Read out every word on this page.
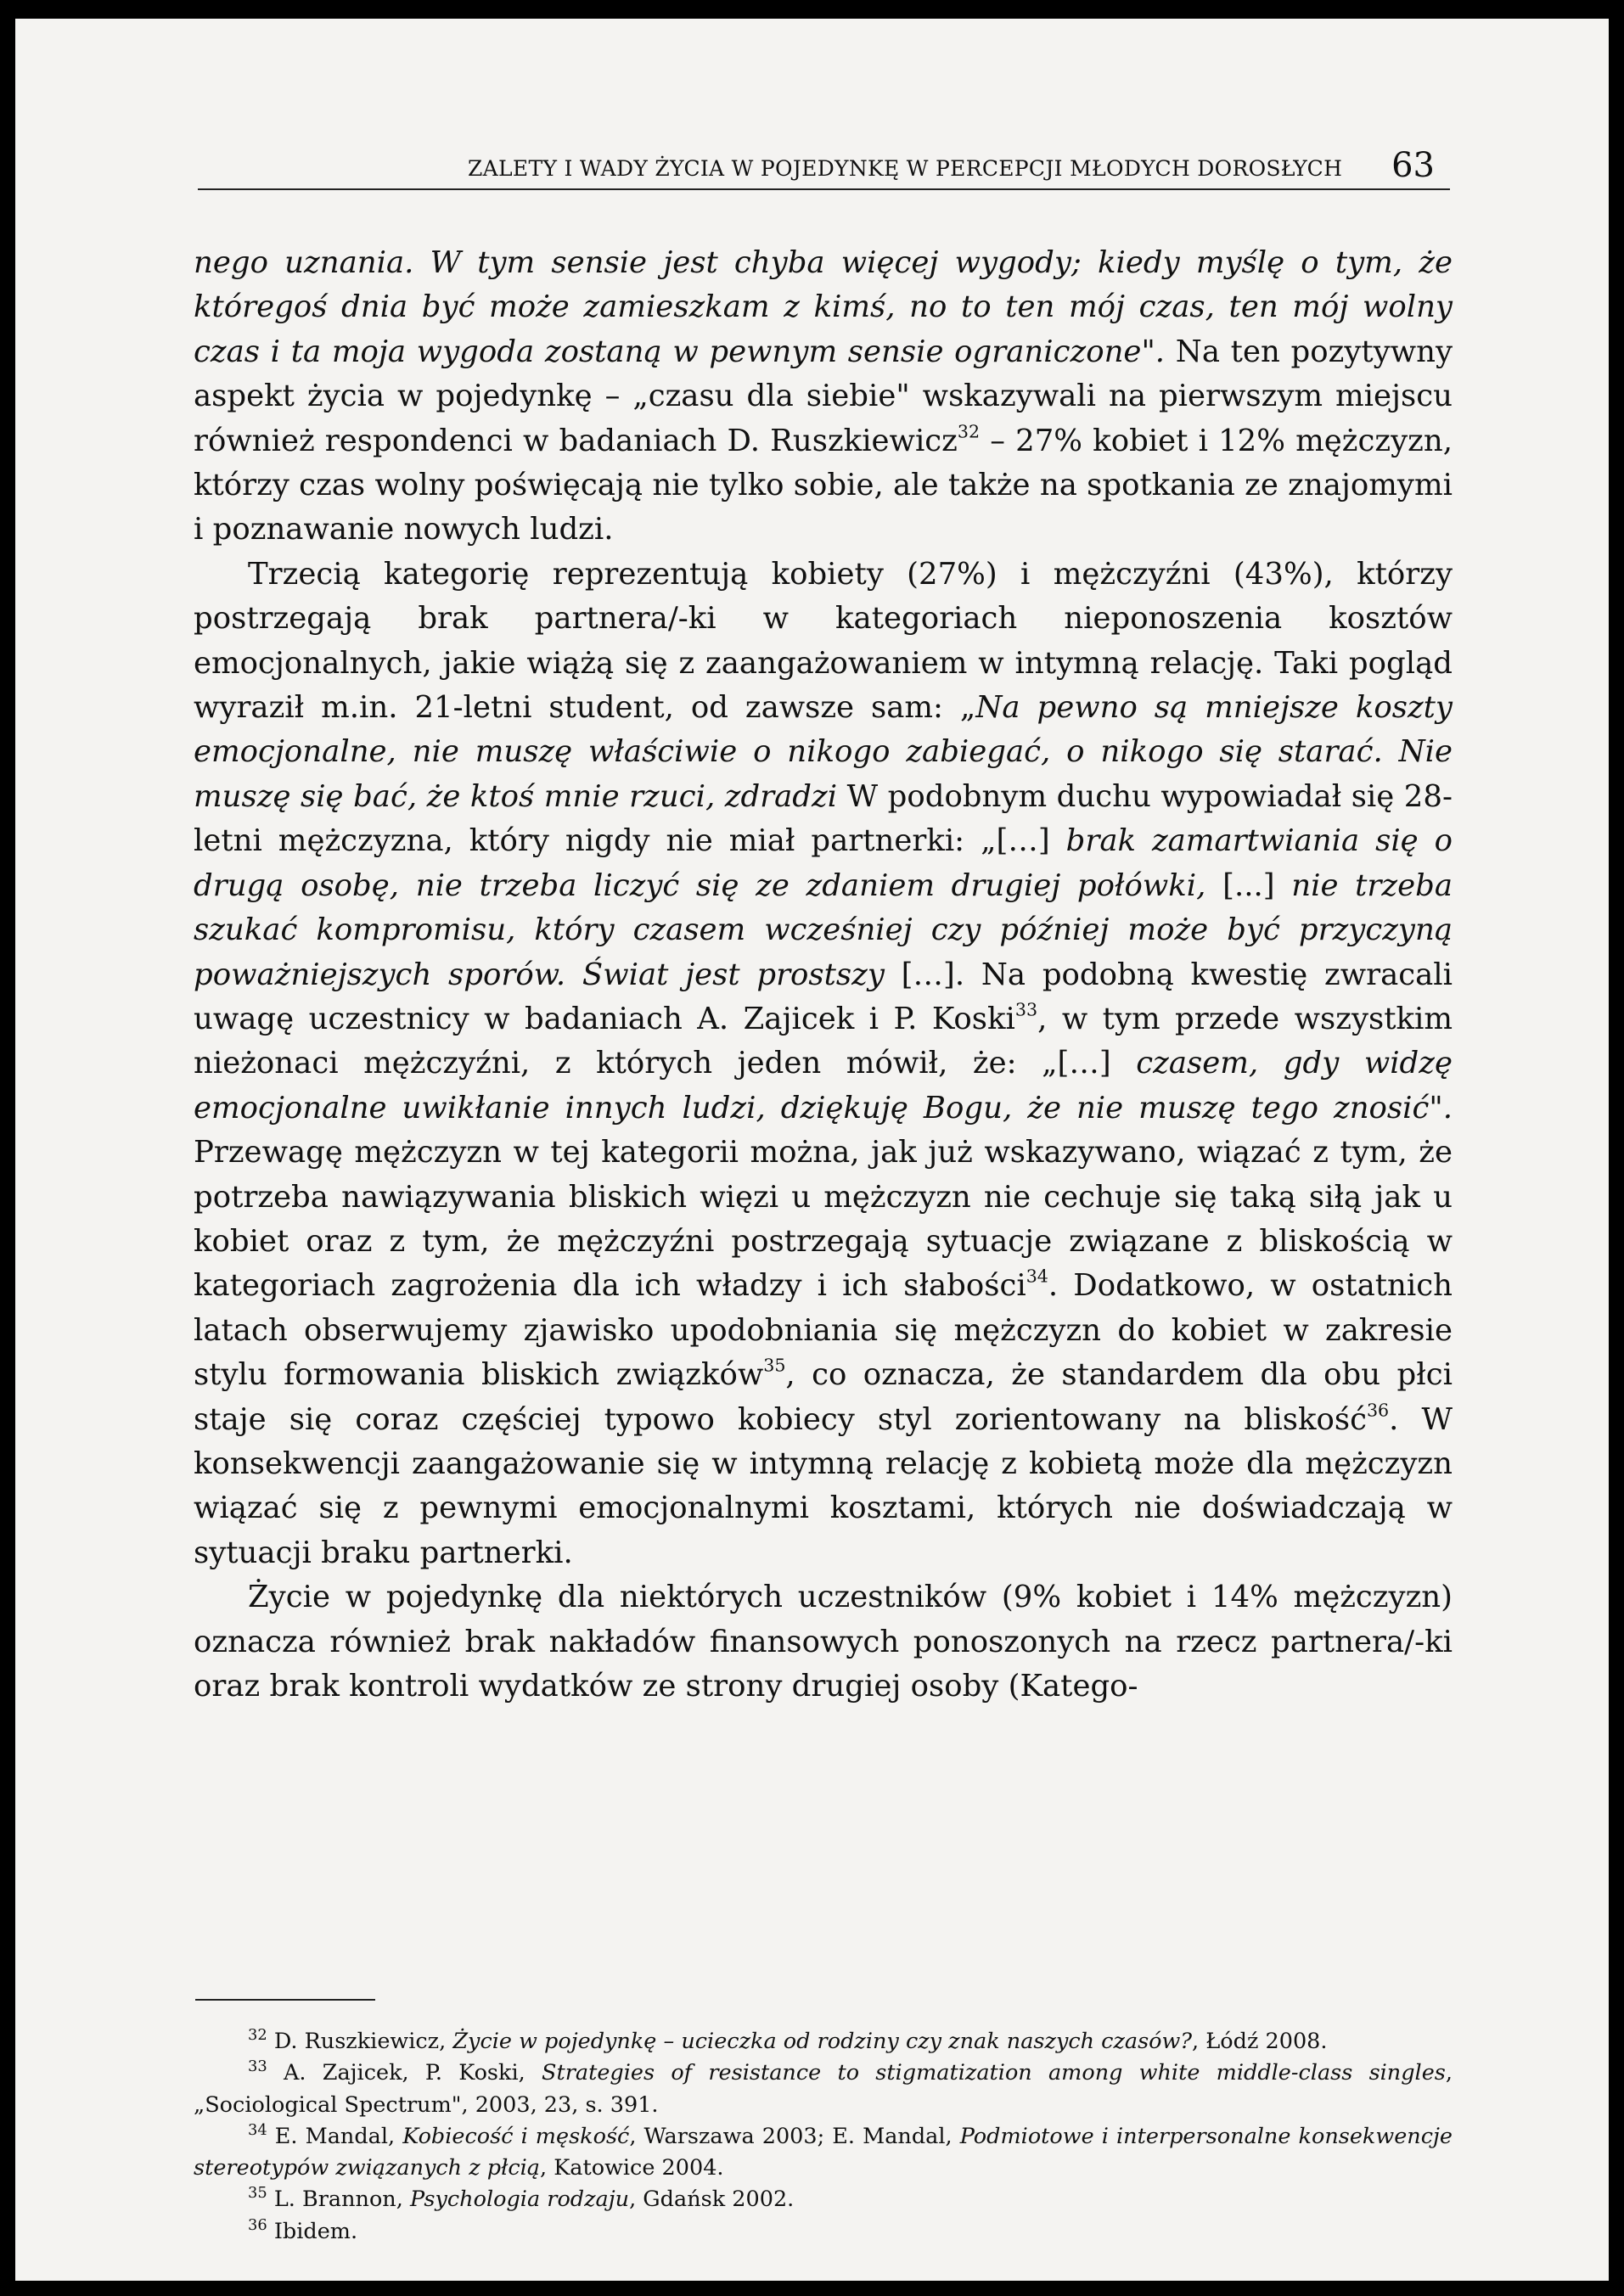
ZALETY I WADY ŻYCIA W POJEDYNKĘ W PERCEPCJI MŁODYCH DOROSŁYCH 63

nego uznania. W tym sensie jest chyba więcej wygody; kiedy myślę o tym, że któregoś dnia być może zamieszkam z kimś, no to ten mój czas, ten mój wolny czas i ta moja wygoda zostaną w pewnym sensie ograniczone". Na ten pozytywny aspekt życia w pojedynkę – „czasu dla siebie" wskazywali na pierwszym miejscu również respondenci w badaniach D. Ruszkiewicz$^{32}$ – 27% kobiet i 12% mężczyzn, którzy czas wolny poświęcają nie tylko sobie, ale także na spotkania ze znajomymi i poznawanie nowych ludzi.

Trzecią kategorię reprezentują kobiety (27%) i mężczyźni (43%), którzy postrzegają brak partnera/-ki w kategoriach nieponoszenia kosztów emocjonalnych, jakie wiążą się z zaangażowaniem w intymną relację. Taki pogląd wyraził m.in. 21-letni student, od zawsze sam: „Na pewno są mniejsze koszty emocjonalne, nie muszę właściwie o nikogo zabiegać, o nikogo się starać. Nie muszę się bać, że ktoś mnie rzuci, zdradzi W podobnym duchu wypowiadał się 28-letni mężczyzna, który nigdy nie miał partnerki: „[…] brak zamartwiania się o drugą osobę, nie trzeba liczyć się ze zdaniem drugiej połówki, [...] nie trzeba szukać kompromisu, który czasem wcześniej czy później może być przyczyną poważniejszych sporów. Świat jest prostszy […]. Na podobną kwestię zwracali uwagę uczestnicy w badaniach A. Zajicek i P. Koski$^{33}$, w tym przede wszystkim nieżonaci mężczyźni, z których jeden mówił, że: „[…] czasem, gdy widzę emocjonalne uwikłanie innych ludzi, dziękuję Bogu, że nie muszę tego znosić". Przewagę mężczyzn w tej kategorii można, jak już wskazywano, wiązać z tym, że potrzeba nawiązywania bliskich więzi u mężczyzn nie cechuje się taką siłą jak u kobiet oraz z tym, że mężczyźni postrzegają sytuacje związane z bliskością w kategoriach zagrożenia dla ich władzy i ich słabości$^{34}$. Dodatkowo, w ostatnich latach obserwujemy zjawisko upodobniania się mężczyzn do kobiet w zakresie stylu formowania bliskich związków$^{35}$, co oznacza, że standardem dla obu płci staje się coraz częściej typowo kobiecy styl zorientowany na bliskość$^{36}$. W konsekwencji zaangażowanie się w intymną relację z kobietą może dla mężczyzn wiązać się z pewnymi emocjonalnymi kosztami, których nie doświadczają w sytuacji braku partnerki.

Życie w pojedynkę dla niektórych uczestników (9% kobiet i 14% mężczyzn) oznacza również brak nakładów finansowych ponoszonych na rzecz partnera/-ki oraz brak kontroli wydatków ze strony drugiej osoby (Katego-

$^{32}$ D. Ruszkiewicz, Życie w pojedynkę – ucieczka od rodziny czy znak naszych czasów?, Łódź 2008.

$^{33}$ A. Zajicek, P. Koski, Strategies of resistance to stigmatization among white middle-class singles, „Sociological Spectrum", 2003, 23, s. 391.

$^{34}$ E. Mandal, Kobiecość i męskość, Warszawa 2003; E. Mandal, Podmiotowe i interpersonalne konsekwencje stereotypów związanych z płcią, Katowice 2004.

$^{35}$ L. Brannon, Psychologia rodzaju, Gdańsk 2002.

$^{36}$ Ibidem.
